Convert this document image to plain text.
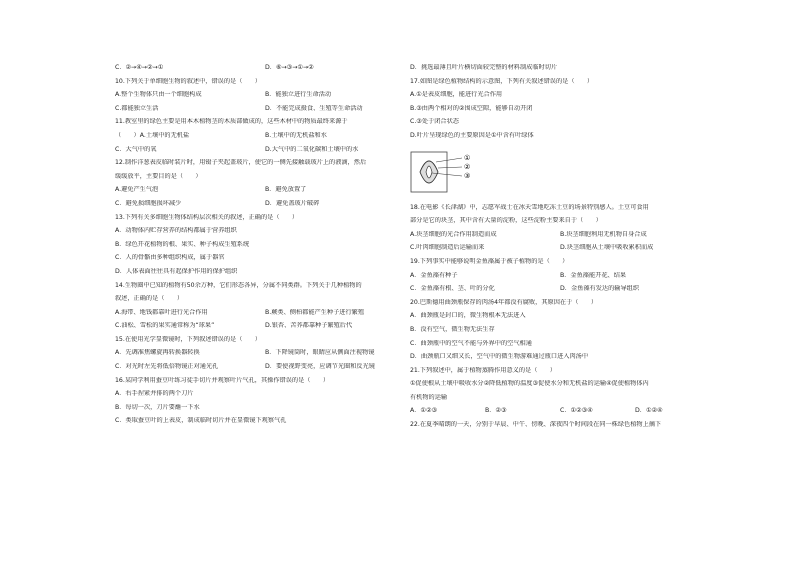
C．②→④→②→①	D．⑥→③→①→②
10.下列关于单细胞生物的叙述中，错误的是（　　）
A.整个生物体只由一个细胞构成	B．能独立进行生命活动
C.都能独立生活	D．不能完成摄食、生殖等生命活动
11.教室里的绿色主要是用本木植物茎的木质部做成的，这些木材中的物质最终来源于
（　　）A.土壤中的无机盐	B.土壤中的无机盐和水
C．大气中的氧	D.大气中的二氧化碳和土壤中的水
12.制作洋葱表皮临时装片时，用镊子夹起盖玻片，使它的一侧先接触载玻片上的液滴，然后
缓缓放平，主要目的是（　　）
A.避免产生气泡	B．避免放置了
C．避免损细胞损坏减少	D．避免盖玻片破碎
13.下列有关多细胞生物体结构层次相关的叙述，正确的是（　　）
A．动物体内贮存营养的结构都属于营养组织
B．绿色开花植物的根、果实、种子构成生殖系统
C．人的骨骼由多种组织构成，属于器官
D．人体表面往往具有起保护作用的保护组织
14.生物圈中已知的植物有50余万种，它们形态各异，分属不同类群。下列关于几种植物的
叙述，正确的是（　　）
A.海带、地钱都靠叶进行光合作用	B.蕨类、侧柏都能产生种子进行繁殖
C.油松、雪松的果实通常称为“球果”	D.银杏、苦荞都靠种子繁殖后代
15.在使用光学显微镜时，下列叙述错误的是（　　）
A．先调准焦螺旋再转换器转换	B．下降镜筒时，眼睛应从侧面注视物镜
C．对光时左先将低倍物镜正对通光孔	D．要使视野变亮，应调节光圈和反光镜
16.某同学利用蚕豆叶练习徒手切片并观察叶片气孔，其操作错误的是（　　）
A．右手捏紧并排的两个刀片
B．每切一次，刀片要蘸一下水
C．类取蚕豆叶的上表皮，制成临时切片并在显微镜下观察气孔
D．挑选最薄且叶片横切面较完整的材料制成临时切片
17.如图是绿色植物结构的示意图，下列有关叙述错误的是（　　）
A.①是表皮细胞，能进行光合作用
B.③由两个相对的②围成空隙，能够自动开闭
C.③处于闭合状态
D.叶片呈现绿色的主要原因是①中含有叶绿体
①
②
③
18.在电影《长津湖》中，志愿军战士在冰天雪地吃冻土豆的场景特别感人。土豆可食用
部分是它的块茎，其中含有大量的淀粉，这些淀粉主要来自于（　　）
A.块茎细胞的光合作用制造而成	B.块茎细胞利用无机物自身合成
C.叶肉细胞制造后运输而来	D.块茎细胞从土壤中吸收累积而成
19.下列事实中能够说明金鱼藻属于被子植物的是（　　）
A．金鱼藻有种子	B．金鱼藻能开花、结果
C．金鱼藻有根、茎、叶的分化	D．金鱼藻有发达的输导组织
20.巴斯德用曲颈瓶保存的肉汤4年都没有腐败，其原因在于（　　）
A．曲颈瓶是封口的，微生物根本无法进入
B．没有空气，微生物无法生存
C．曲颈瓶中的空气不能与外界中的空气相通
D．曲颈瓶口又细又长，空气中的微生物游难通过瓶口进入肉汤中
21.下列叙述中，属于植物蒸腾作用意义的是（　　）
①促使根从土壤中吸收水分②降低植物的温度③促使水分和无机盐的运输④促使植物体内
有机物的运输
A．①②③	B．②③	C．①②③④	D．①②④
22.在夏季晴朗的一天，分别于早晨、中午、傍晚、深夜四个时间段在同一株绿色植物上摘下
